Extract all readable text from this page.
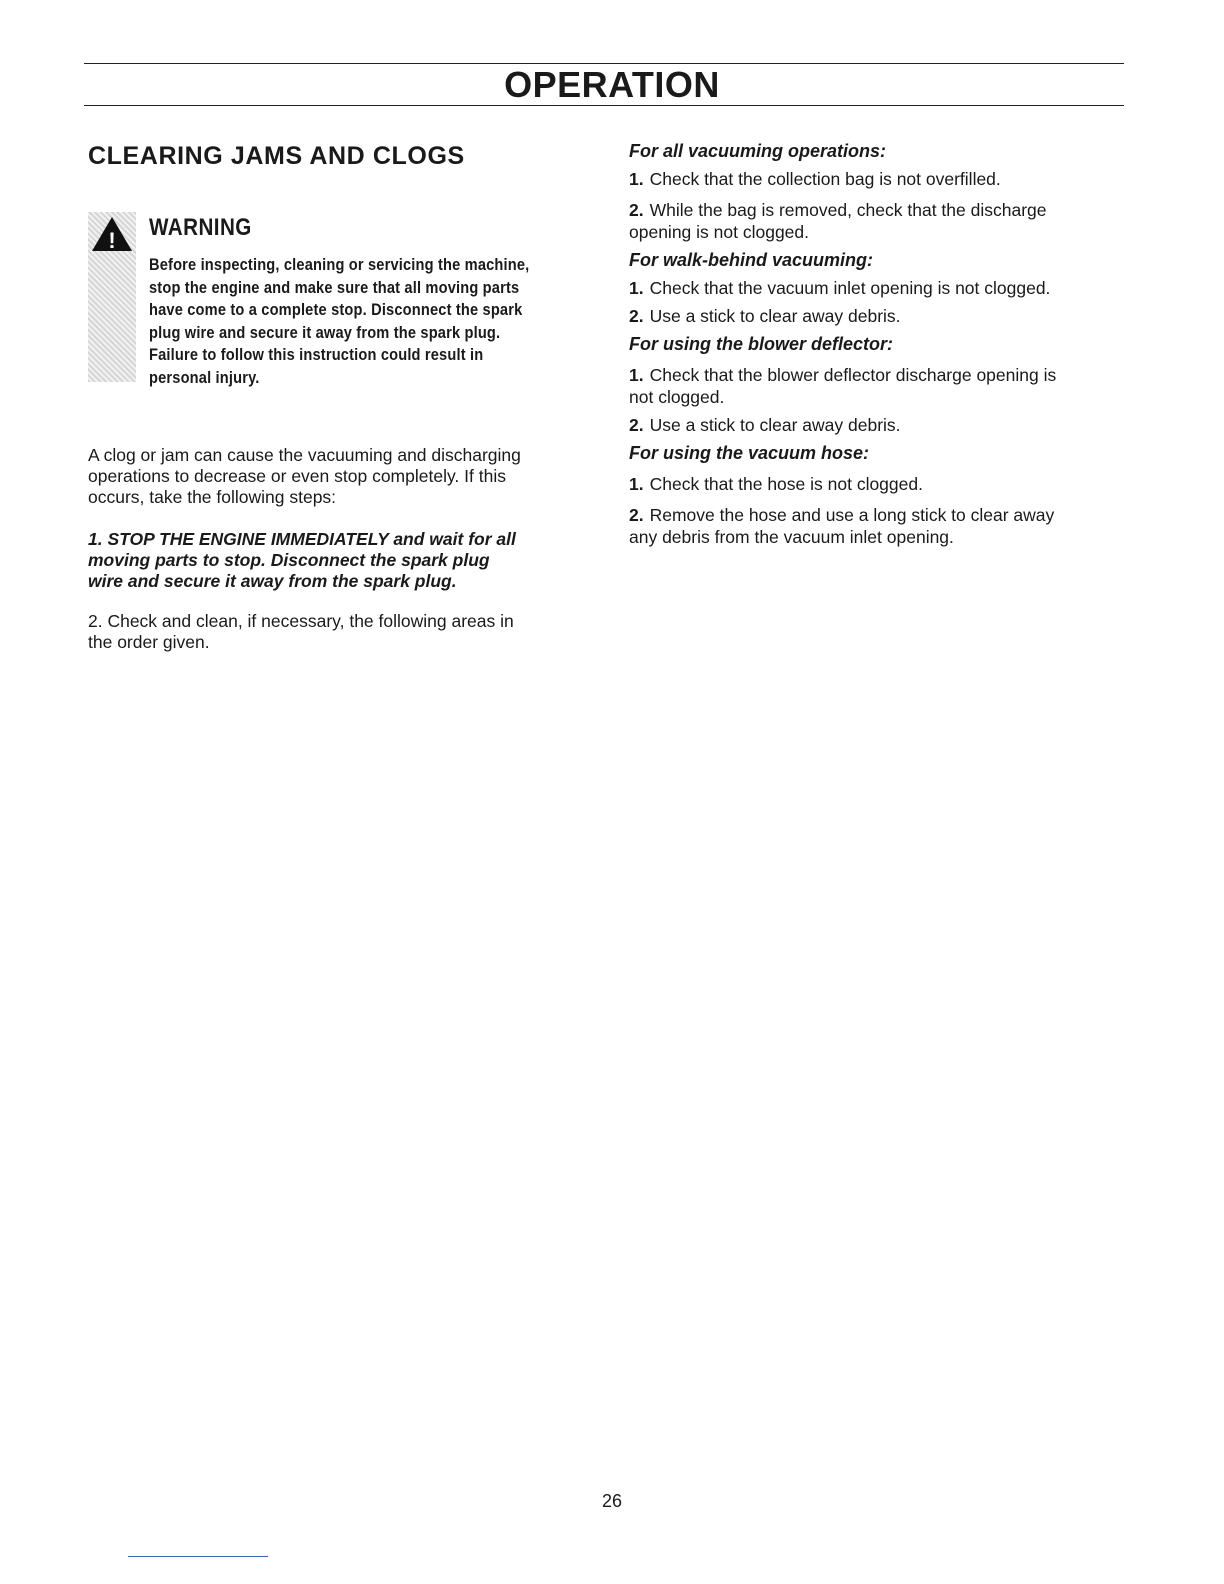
OPERATION
CLEARING JAMS AND CLOGS
! WARNING
Before inspecting, cleaning or servicing the machine,
stop the engine and make sure that all moving parts
have come to a complete stop. Disconnect the spark
plug wire and secure it away from the spark plug.
Failure to follow this instruction could result in
personal injury.
A clog or jam can cause the vacuuming and discharging
operations to decrease or even stop completely. If this
occurs, take the following steps:
1. STOP THE ENGINE IMMEDIATELY and wait for all
moving parts to stop. Disconnect the spark plug
wire and secure it away from the spark plug.
2. Check and clean, if necessary, the following areas in
the order given.

For all vacuuming operations:

1. Check that the collection bag is not overfilled.
2. While the bag is removed, check that the discharge
opening is not clogged.

For walk-behind vacuuming:

1. Check that the vacuum inlet opening is not clogged.
2. Use a stick to clear away debris.

For using the blower deflector:

1. Check that the blower deflector discharge opening is
not clogged.
2. Use a stick to clear away debris.

For using the vacuum hose:

1. Check that the hose is not clogged.
2. Remove the hose and use a long stick to clear away
any debris from the vacuum inlet opening.
26
